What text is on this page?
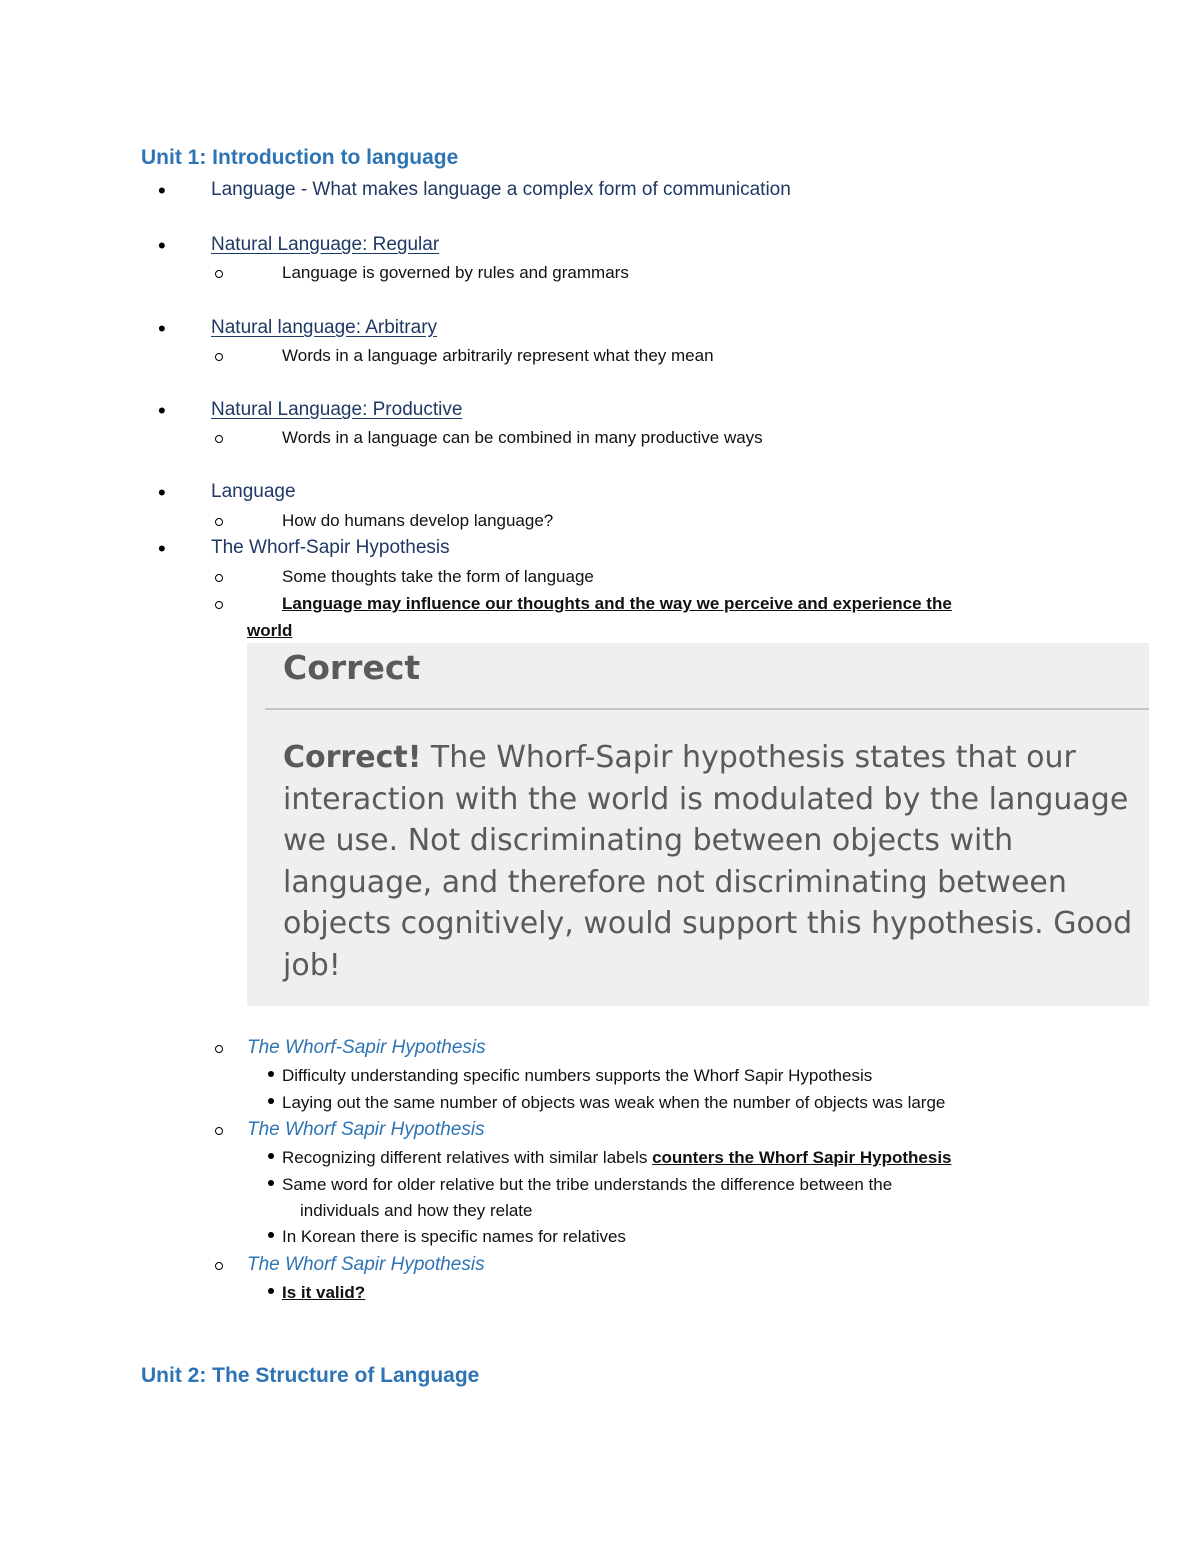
Unit 1: Introduction to language
• Language - What makes language a complex form of communication
• Natural Language: Regular
Language is governed by rules and grammars
• Natural language: Arbitrary
Words in a language arbitrarily represent what they mean
• Natural Language: Productive
Words in a language can be combined in many productive ways
• Language
How do humans develop language?
• The Whorf-Sapir Hypothesis
Some thoughts take the form of language
Language may influence our thoughts and the way we perceive and experience the
world
Correct
Correct! The Whorf-Sapir hypothesis states that our interaction with the world is modulated by the language we use. Not discriminating between objects with language, and therefore not discriminating between objects cognitively, would support this hypothesis. Good job!
The Whorf-Sapir Hypothesis
Difficulty understanding specific numbers supports the Whorf Sapir Hypothesis
Laying out the same number of objects was weak when the number of objects was large
The Whorf Sapir Hypothesis
Recognizing different relatives with similar labels counters the Whorf Sapir Hypothesis
Same word for older relative but the tribe understands the difference between the
individuals and how they relate
In Korean there is specific names for relatives
The Whorf Sapir Hypothesis
Is it valid?
Unit 2: The Structure of Language
